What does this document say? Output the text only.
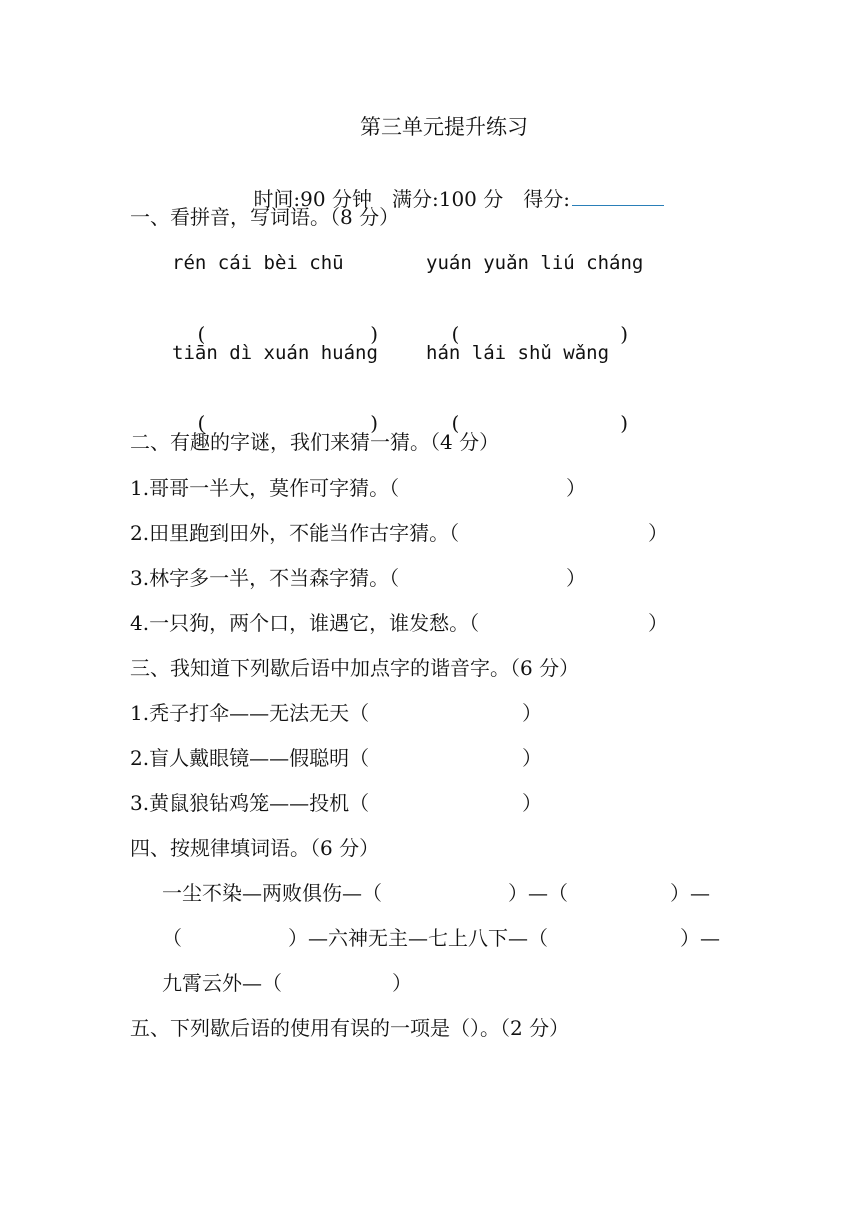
第三单元提升练习

时间:90 分钟 满分:100 分 得分:

一、看拼音，写词语。（8 分）
rén cái bèi chū	yuán yuǎn liú cháng

(	)

	(	)

tiān dì xuán huáng	hán lái shǔ wǎng

(	)

	(	)

二、有趣的字谜，我们来猜一猜。（4 分）
1.哥哥一半大，莫作可字猜。（	）
2.田里跑到田外，不能当作古字猜。（	）
3.林字多一半，不当森字猜。（	）
4.一只狗，两个口，谁遇它，谁发愁。（	）
三、我知道下列歇后语中加点字的谐音字。（6 分）
1.秃子打伞——无法无天（	）
2.盲人戴眼镜——假聪明（	）
3.黄鼠狼钻鸡笼——投机（	）
四、按规律填词语。（6 分）
一尘不染—两败俱伤—（	）—（	）—
（	）—六神无主—七上八下—（	）—
九霄云外—（	）
五、下列歇后语的使用有误的一项是（）。（2 分）
